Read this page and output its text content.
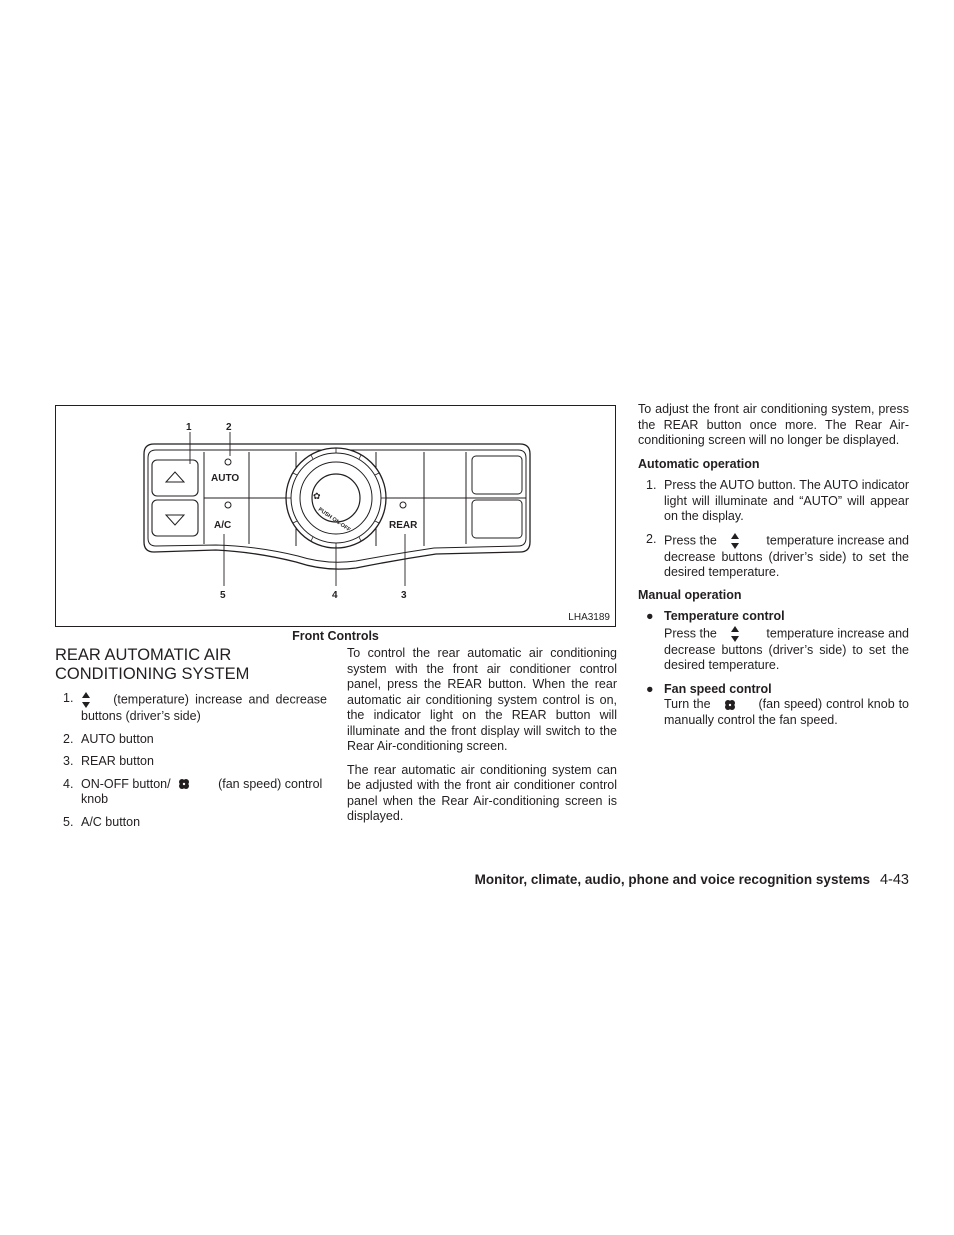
✿
PUSH ON-OFF
AUTO
A/C	REAR
1	2
5	4	3
LHA3189
Front Controls
REAR AUTOMATIC AIR
CONDITIONING SYSTEM
1.	(temperature) increase and decrease buttons (driver’s side)
2. AUTO button
3. REAR button
4. ON-OFF button/	(fan speed) control knob
5. A/C button

To control the rear automatic air conditioning system with the front air conditioner control panel, press the REAR button. When the rear automatic air conditioning system control is on, the indicator light on the REAR button will illuminate and the front display will switch to the Rear Air-conditioning screen.

The rear automatic air conditioning system can be adjusted with the front air conditioner control panel when the Rear Air-conditioning screen is displayed.

To adjust the front air conditioning system, press the REAR button once more. The Rear Air-conditioning screen will no longer be displayed.

Automatic operation
1. Press the AUTO button. The AUTO indicator light will illuminate and “AUTO” will appear on the display.
2. Press the	temperature increase and decrease buttons (driver’s side) to set the desired temperature.
Manual operation
● Temperature control
Press the	temperature increase and decrease buttons (driver’s side) to set the desired temperature.
● Fan speed control
Turn the	(fan speed) control knob to manually control the fan speed.
Monitor, climate, audio, phone and voice recognition systems 4-43
